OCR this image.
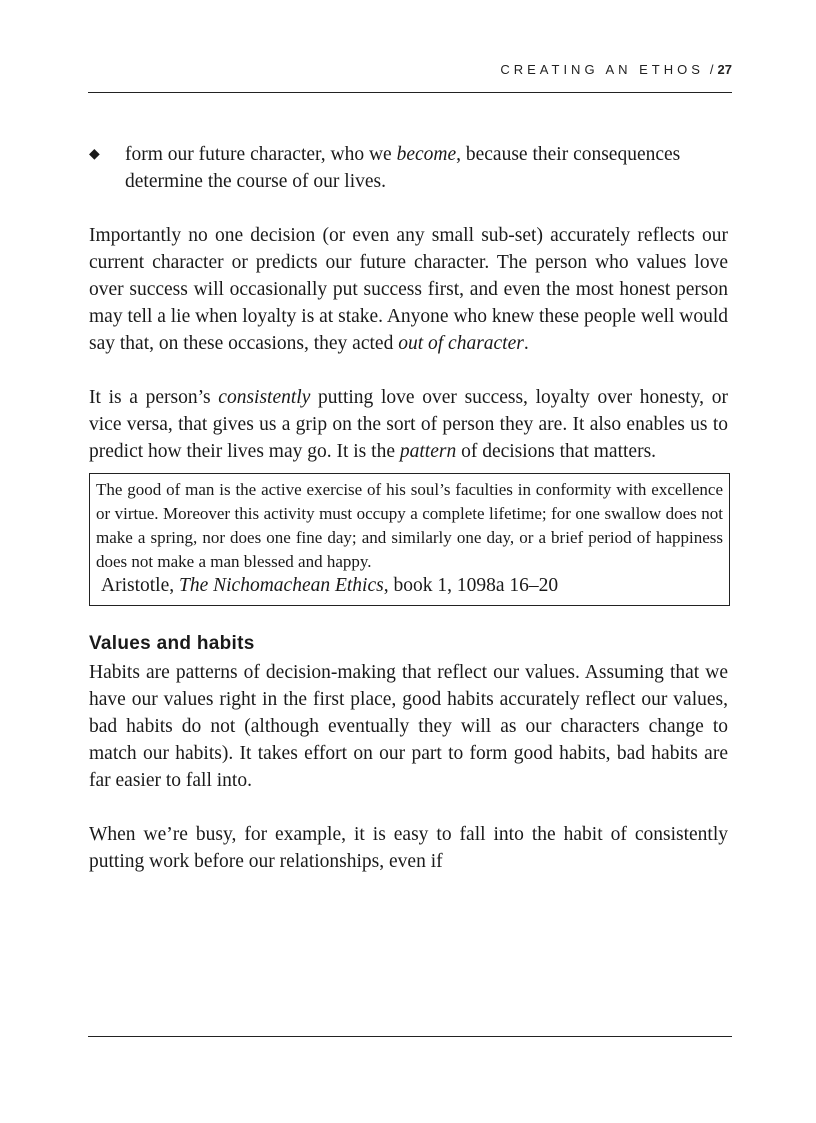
CREATING AN ETHOS / 27
◆	form our future character, who we become, because their consequences determine the course of our lives.

Importantly no one decision (or even any small sub-set) accurately reflects our current character or predicts our future character. The person who values love over success will occasionally put success first, and even the most honest person may tell a lie when loyalty is at stake. Anyone who knew these people well would say that, on these occasions, they acted out of character.

It is a person’s consistently putting love over success, loyalty over honesty, or vice versa, that gives us a grip on the sort of person they are. It also enables us to predict how their lives may go. It is the pattern of decisions that matters.

The good of man is the active exercise of his soul’s faculties in conformity with excellence or virtue. Moreover this activity must occupy a complete lifetime; for one swallow does not make a spring, nor does one fine day; and similarly one day, or a brief period of happiness does not make a man blessed and happy.

Aristotle, The Nichomachean Ethics, book 1, 1098a 16–20
Values and habits

Habits are patterns of decision-making that reflect our values. Assuming that we have our values right in the first place, good habits accurately reflect our values, bad habits do not (although eventually they will as our characters change to match our habits). It takes effort on our part to form good habits, bad habits are far easier to fall into.

When we’re busy, for example, it is easy to fall into the habit of consistently putting work before our relationships, even if
